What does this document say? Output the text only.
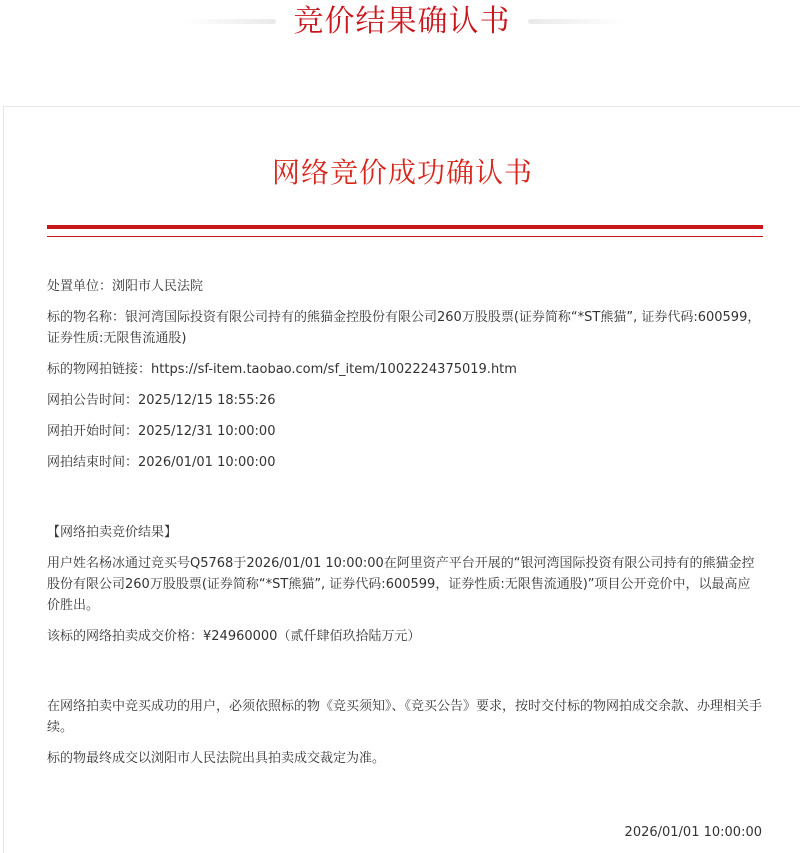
竞价结果确认书
网络竞价成功确认书
处置单位：浏阳市人民法院
标的物名称：银河湾国际投资有限公司持有的熊猫金控股份有限公司260万股股票(证券简称“*ST熊猫”, 证券代码:600599，证券性质:无限售流通股)
标的物网拍链接：https://sf-item.taobao.com/sf_item/1002224375019.htm
网拍公告时间：2025/12/15 18:55:26
网拍开始时间：2025/12/31 10:00:00
网拍结束时间：2026/01/01 10:00:00
【网络拍卖竞价结果】
用户姓名杨冰通过竞买号Q5768于2026/01/01 10:00:00在阿里资产平台开展的“银河湾国际投资有限公司持有的熊猫金控股份有限公司260万股股票(证券简称“*ST熊猫”, 证券代码:600599，证券性质:无限售流通股)”项目公开竞价中，以最高应价胜出。
该标的网络拍卖成交价格：¥24960000（贰仟肆佰玖拾陆万元）
在网络拍卖中竞买成功的用户，必须依照标的物《竞买须知》、《竞买公告》要求，按时交付标的物网拍成交余款、办理相关手续。
标的物最终成交以浏阳市人民法院出具拍卖成交裁定为准。
2026/01/01 10:00:00
